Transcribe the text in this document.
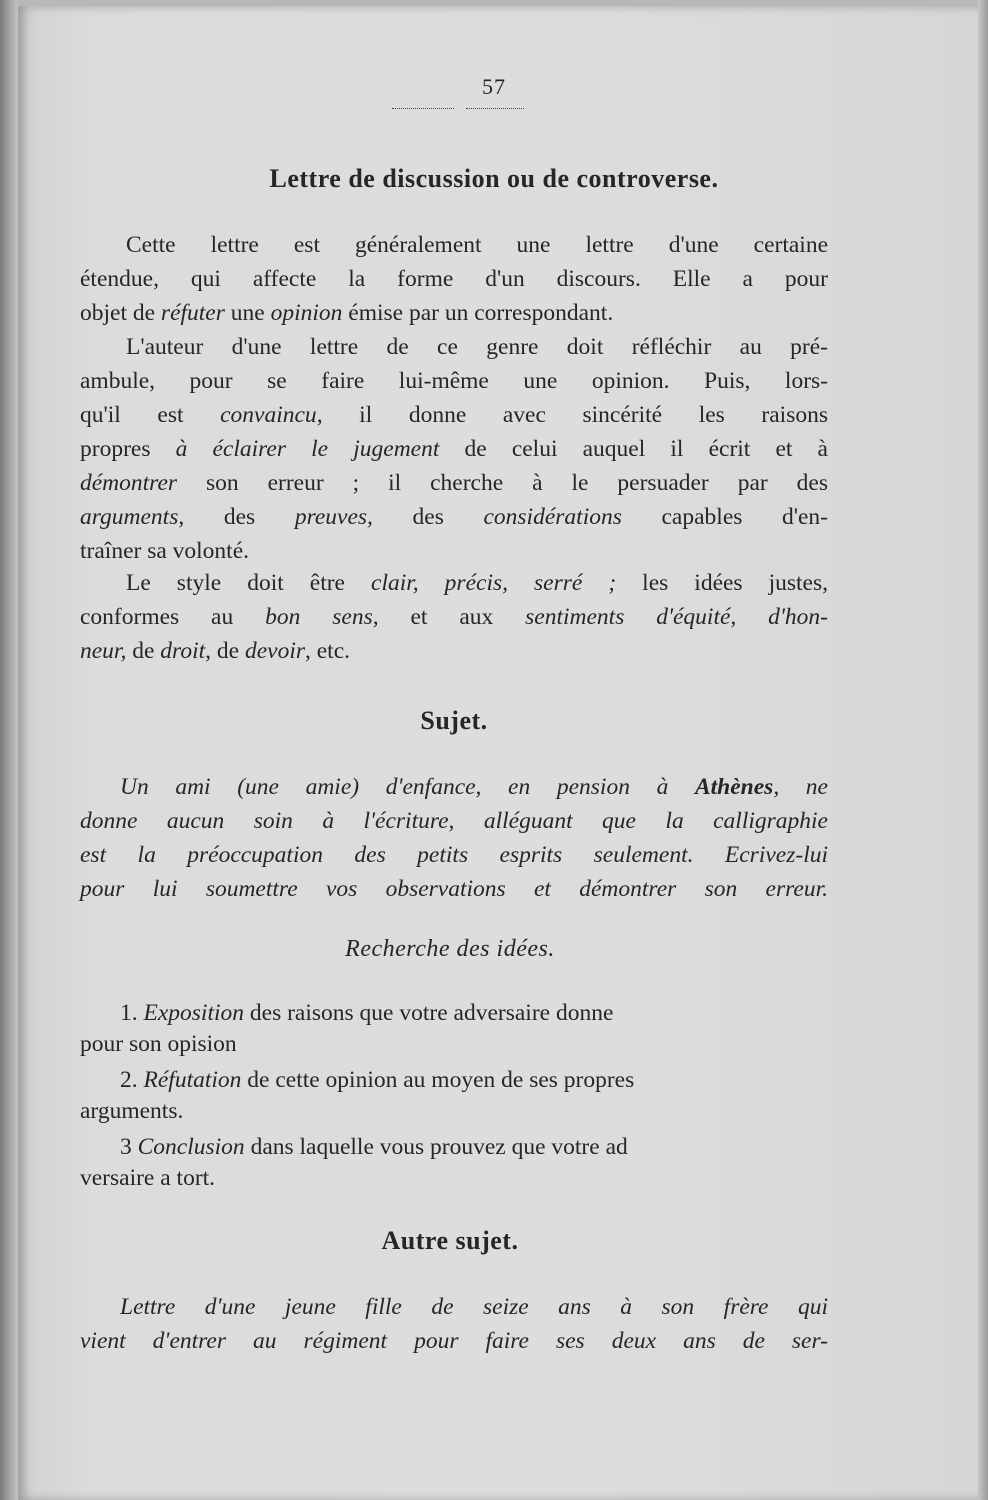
57
Lettre de discussion ou de controverse.
Cette lettre est généralement une lettre d'une certaine
étendue, qui affecte la forme d'un discours. Elle a pour
objet de réfuter une opinion émise par un correspondant.
L'auteur d'une lettre de ce genre doit réfléchir au pré-
ambule, pour se faire lui-même une opinion. Puis, lors-
qu'il est convaincu, il donne avec sincérité les raisons
propres à éclairer le jugement de celui auquel il écrit et à
démontrer son erreur ; il cherche à le persuader par des
arguments, des preuves, des considérations capables d'en-
traîner sa volonté.
Le style doit être clair, précis, serré ; les idées justes,
conformes au bon sens, et aux sentiments d'équité, d'hon-
neur, de droit, de devoir, etc.
Sujet.
Un ami (une amie) d'enfance, en pension à Athènes, ne
donne aucun soin à l'écriture, alléguant que la calligraphie
est la préoccupation des petits esprits seulement. Ecrivez-lui
pour lui soumettre vos observations et démontrer son erreur.
Recherche des idées.
1. Exposition des raisons que votre adversaire donne
pour son opision
2. Réfutation de cette opinion au moyen de ses propres
arguments.
3 Conclusion dans laquelle vous prouvez que votre ad
versaire a tort.
Autre sujet.
Lettre d'une jeune fille de seize ans à son frère qui
vient d'entrer au régiment pour faire ses deux ans de ser-
